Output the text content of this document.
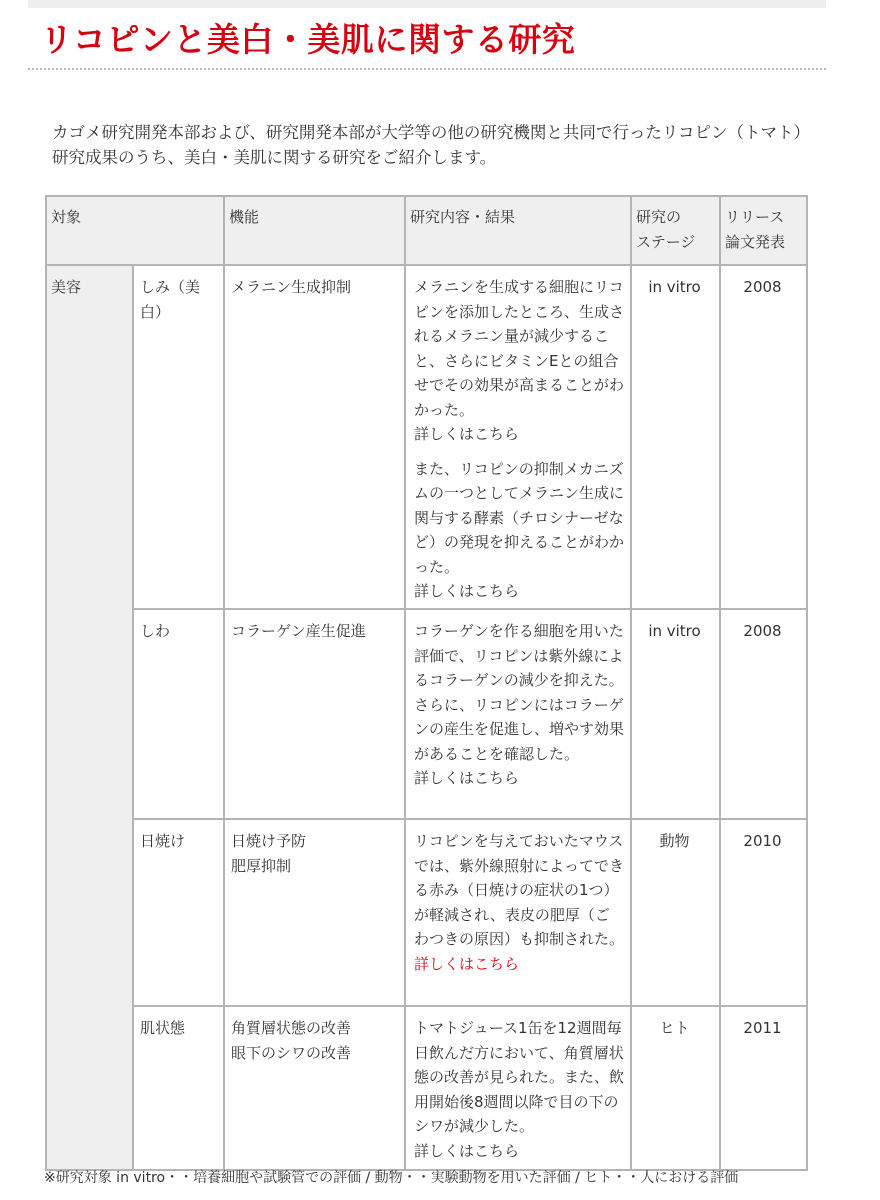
リコピンと美白・美肌に関する研究

カゴメ研究開発本部および、研究開発本部が大学等の他の研究機関と共同で行ったリコピン（トマト）

研究成果のうち、美白・美肌に関する研究をご紹介します。

対象		機能	研究内容・結果	研究の
ステージ	リリース
論文発表
美容	しみ（美白）	メラニン生成抑制	メラニンを生成する細胞にリコピンを添加したところ、生成されるメラニン量が減少すること、さらにビタミンEとの組合せでその効果が高まることがわかった。
詳しくはこちら
また、リコピンの抑制メカニズムの一つとしてメラニン生成に関与する酵素（チロシナーゼなど）の発現を抑えることがわかった。
詳しくはこちら	in vitro	2008
	しわ	コラーゲン産生促進	コラーゲンを作る細胞を用いた評価で、リコピンは紫外線によるコラーゲンの減少を抑えた。さらに、リコピンにはコラーゲンの産生を促進し、増やす効果があることを確認した。
詳しくはこちら	in vitro	2008
	日焼け	日焼け予防
肥厚抑制	リコピンを与えておいたマウスでは、紫外線照射によってできる赤み（日焼けの症状の1つ）が軽減され、表皮の肥厚（ごわつきの原因）も抑制された。
詳しくはこちら	動物	2010
	肌状態	角質層状態の改善
眼下のシワの改善	トマトジュース1缶を12週間毎日飲んだ方において、角質層状態の改善が見られた。また、飲用開始後8週間以降で目の下のシワが減少した。
詳しくはこちら	ヒト	2011
※研究対象 in vitro・・培養細胞や試験管での評価 / 動物・・実験動物を用いた評価 / ヒト・・人における評価
